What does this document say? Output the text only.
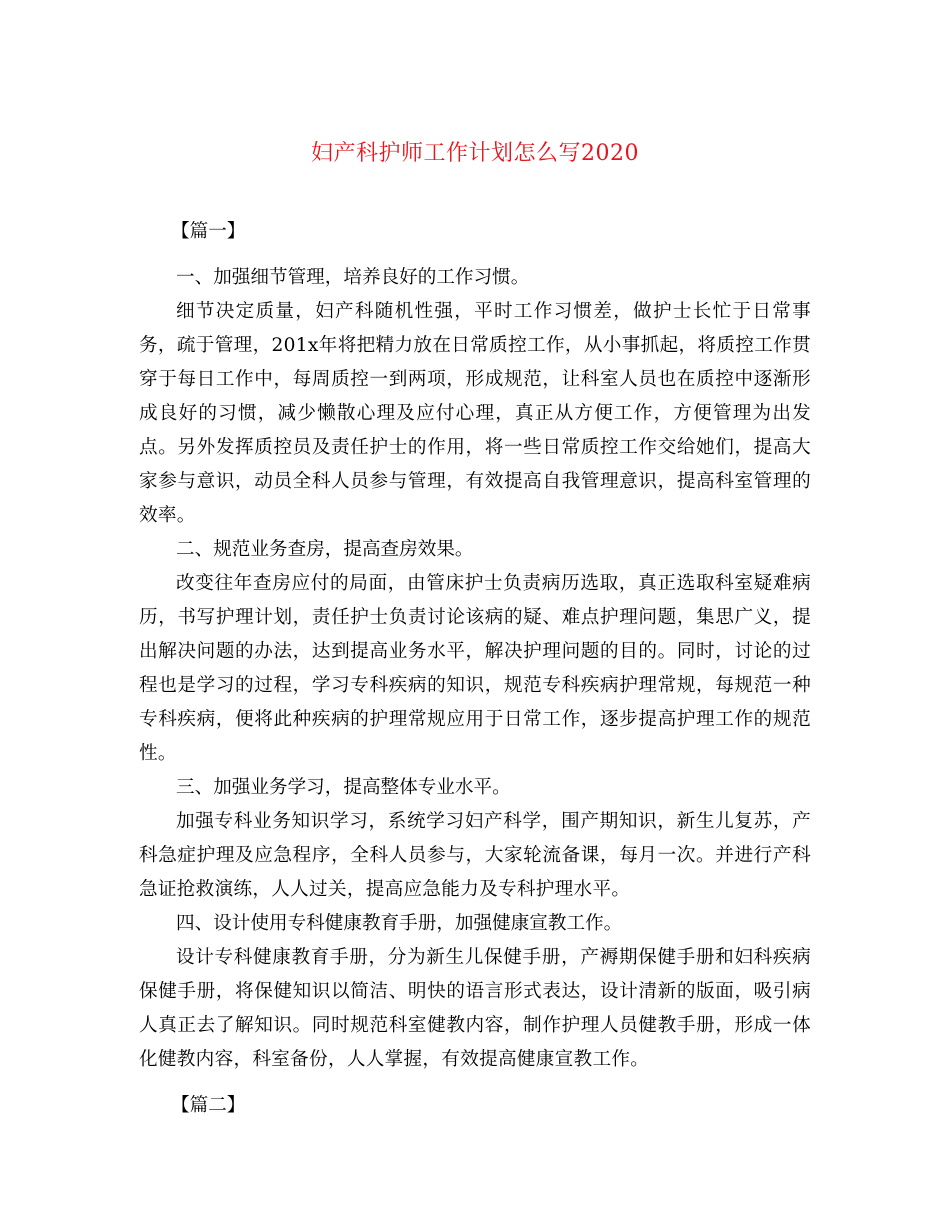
妇产科护师工作计划怎么写2020

【篇一】

一、加强细节管理，培养良好的工作习惯。

细节决定质量，妇产科随机性强，平时工作习惯差，做护士长忙于日常事务，疏于管理，201x年将把精力放在日常质控工作，从小事抓起，将质控工作贯穿于每日工作中，每周质控一到两项，形成规范，让科室人员也在质控中逐渐形成良好的习惯，减少懒散心理及应付心理，真正从方便工作，方便管理为出发点。另外发挥质控员及责任护士的作用，将一些日常质控工作交给她们，提高大家参与意识，动员全科人员参与管理，有效提高自我管理意识，提高科室管理的效率。

二、规范业务查房，提高查房效果。

改变往年查房应付的局面，由管床护士负责病历选取，真正选取科室疑难病历，书写护理计划，责任护士负责讨论该病的疑、难点护理问题，集思广义，提出解决问题的办法，达到提高业务水平，解决护理问题的目的。同时，讨论的过程也是学习的过程，学习专科疾病的知识，规范专科疾病护理常规，每规范一种专科疾病，便将此种疾病的护理常规应用于日常工作，逐步提高护理工作的规范性。

三、加强业务学习，提高整体专业水平。

加强专科业务知识学习，系统学习妇产科学，围产期知识，新生儿复苏，产科急症护理及应急程序，全科人员参与，大家轮流备课，每月一次。并进行产科急证抢救演练，人人过关，提高应急能力及专科护理水平。

四、设计使用专科健康教育手册，加强健康宣教工作。

设计专科健康教育手册，分为新生儿保健手册，产褥期保健手册和妇科疾病保健手册，将保健知识以简洁、明快的语言形式表达，设计清新的版面，吸引病人真正去了解知识。同时规范科室健教内容，制作护理人员健教手册，形成一体化健教内容，科室备份，人人掌握，有效提高健康宣教工作。

【篇二】
